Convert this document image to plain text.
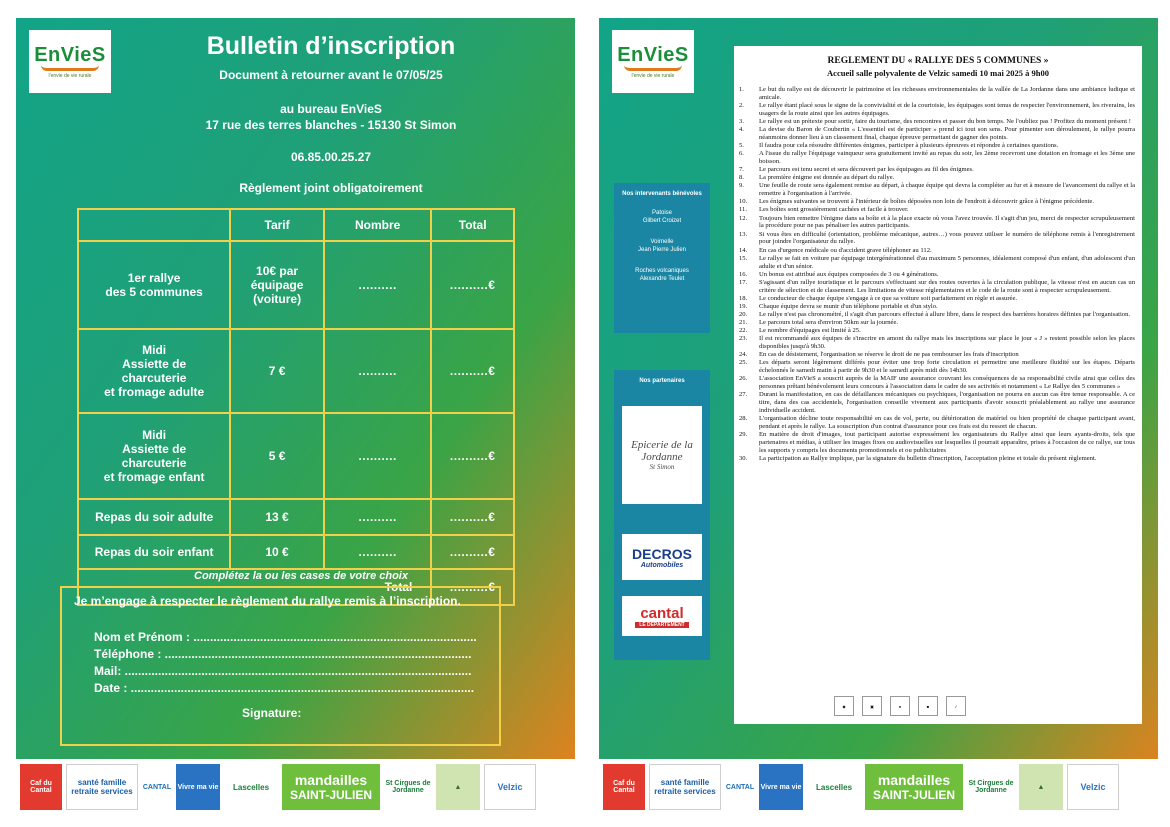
EnVieS
l'envie de vie rurale
Bulletin d’inscription
Document à retourner avant le 07/05/25
au bureau EnVieS
17 rue des terres blanches - 15130 St Simon
06.85.00.25.27
Règlement joint obligatoirement
	Tarif	Nombre	Total
1er rallye
des 5 communes	10€ par équipage (voiture)	..........	..........€
Midi
Assiette de
charcuterie
et fromage adulte	7 €	..........	..........€
Midi
Assiette de
charcuterie
et fromage enfant	5 €	..........	..........€
Repas du soir adulte	13 €	..........	..........€
Repas du soir enfant	10 €	..........	..........€
Total			..........€
Complétez la ou les cases de votre choix
Je m’engage à respecter le règlement du rallye remis à l’inscription.
Nom et Prénom : .....................................................................................
Téléphone : ............................................................................................
Mail: ........................................................................................................
Date : .......................................................................................................
Signature:
Caf du Cantal
santé famille retraite services	CANTAL Vivre ma vie	Lascelles	mandailles
SAINT-JULIEN
St Cirgues de Jordanne	▲	Velzic
EnVieS
l'envie de vie rurale
Nos intervenants bénévoles
Patoise
Gilbert Croizet
Voirnelle
Jean Pierre Julien
Roches volcaniques
Alexandre Teulet
Nos partenaires
Epicerie de la Jordanne
St Simon
DECROS
Automobiles
cantal
LE DÉPARTEMENT
REGLEMENT DU « RALLYE DES 5 COMMUNES »
Accueil salle polyvalente de Velzic samedi 10 mai 2025 à 9h00
1.	Le but du rallye est de découvrir le patrimoine et les richesses environnementales de la vallée de La Jordanne dans une ambiance ludique et amicale.
2.	Le rallye étant placé sous le signe de la convivialité et de la courtoisie, les équipages sont tenus de respecter l'environnement, les riverains, les usagers de la route ainsi que les autres équipages.
3.	Le rallye est un prétexte pour sortir, faire du tourisme, des rencontres et passer du bon temps. Ne l'oubliez pas ! Profitez du moment présent !
4.	La devise du Baron de Coubertin « L'essentiel est de participer » prend ici tout son sens. Pour pimenter son déroulement, le rallye pourra néanmoins donner lieu à un classement final, chaque épreuve permettant de gagner des points.
5.	Il faudra pour cela résoudre différentes énigmes, participer à plusieurs épreuves et répondre à certaines questions.
6.	A l'issue du rallye l'équipage vainqueur sera gratuitement invité au repas du soir, les 2ème recevront une dotation en fromage et les 3ème une boisson.
7.	Le parcours est tenu secret et sera découvert par les équipages au fil des énigmes.
8.	La première énigme est donnée au départ du rallye.
9.	Une feuille de route sera également remise au départ, à chaque équipe qui devra la compléter au fur et à mesure de l'avancement du rallye et la remettre à l'organisation à l'arrivée.
10.	Les énigmes suivantes se trouvent à l'intérieur de boîtes déposées non loin de l'endroit à découvrir grâce à l'énigme précédente.
11.	Les boîtes sont grossièrement cachées et facile à trouver.
12.	Toujours bien remettre l'énigme dans sa boîte et à la place exacte où vous l'avez trouvée. Il s'agit d'un jeu, merci de respecter scrupuleusement la procédure pour ne pas pénaliser les autres participants.
13.	Si vous êtes en difficulté (orientation, problème mécanique, autres…) vous pouvez utiliser le numéro de téléphone remis à l'enregistrement pour joindre l'organisateur du rallye.
14.	En cas d'urgence médicale ou d'accident grave téléphoner au 112.
15.	Le rallye se fait en voiture par équipage intergénérationnel d'au maximum 5 personnes, idéalement composé d'un enfant, d'un adolescent d'un adulte et d'un sénior.
16.	Un bonus est attribué aux équipes composées de 3 ou 4 générations.
17.	S'agissant d'un rallye touristique et le parcours s'effectuant sur des routes ouvertes à la circulation publique, la vitesse n'est en aucun cas un critère de sélection et de classement. Les limitations de vitesse réglementaires et le code de la route sont à respecter scrupuleusement.
18.	Le conducteur de chaque équipe s'engage à ce que sa voiture soit parfaitement en règle et assurée.
19.	Chaque équipe devra se munir d'un téléphone portable et d'un stylo.
20.	Le rallye n'est pas chronométré, il s'agit d'un parcours effectué à allure libre, dans le respect des barrières horaires définies par l'organisation.
21.	Le parcours total sera d'environ 50km sur la journée.
22.	Le nombre d'équipages est limité à 25.
23.	Il est recommandé aux équipes de s'inscrire en amont du rallye mais les inscriptions sur place le jour « J » restent possible selon les places disponibles jusqu'à 9h30.
24.	En cas de désistement, l'organisation se réserve le droit de ne pas rembourser les frais d'inscription
25.	Les départs seront légèrement différés pour éviter une trop forte circulation et permettre une meilleure fluidité sur les étapes. Départs échelonnés le samedi matin à partir de 9h30 et le samedi après midi dès 14h30.
26.	L'association EnVieS a souscrit auprès de la MAIF une assurance couvrant les conséquences de sa responsabilité civile ainsi que celles des personnes prêtant bénévolement leurs concours à l'association dans le cadre de ses activités et notamment « Le Rallye des 5 communes »
27.	Durant la manifestation, en cas de défaillances mécaniques ou psychiques, l'organisation ne pourra en aucun cas être tenue responsable. A ce titre, dans des cas accidentels, l'organisation conseille vivement aux participants d'avoir souscrit préalablement au rallye une assurance individuelle accident.
28.	L'organisation décline toute responsabilité en cas de vol, perte, ou détérioration de matériel ou bien propriété de chaque participant avant, pendant et après le rallye. La souscription d'un contrat d'assurance pour ces frais est du ressort de chacun.
29.	En matière de droit d'images, tout participant autorise expressément les organisateurs du Rallye ainsi que leurs ayants-droits, tels que partenaires et médias, à utiliser les images fixes ou audiovisuelles sur lesquelles il pourrait apparaître, prises à l'occasion de ce rallye, sur tous les supports y compris les documents promotionnels et ou publicitaires
30.	La participation au Rallye implique, par la signature du bulletin d'inscription, l'acceptation pleine et totale du présent règlement.
◆	▣	●	■	✓
Caf du Cantal
santé famille retraite services	CANTAL Vivre ma vie	Lascelles	mandailles
SAINT-JULIEN
St Cirgues de Jordanne	▲	Velzic
